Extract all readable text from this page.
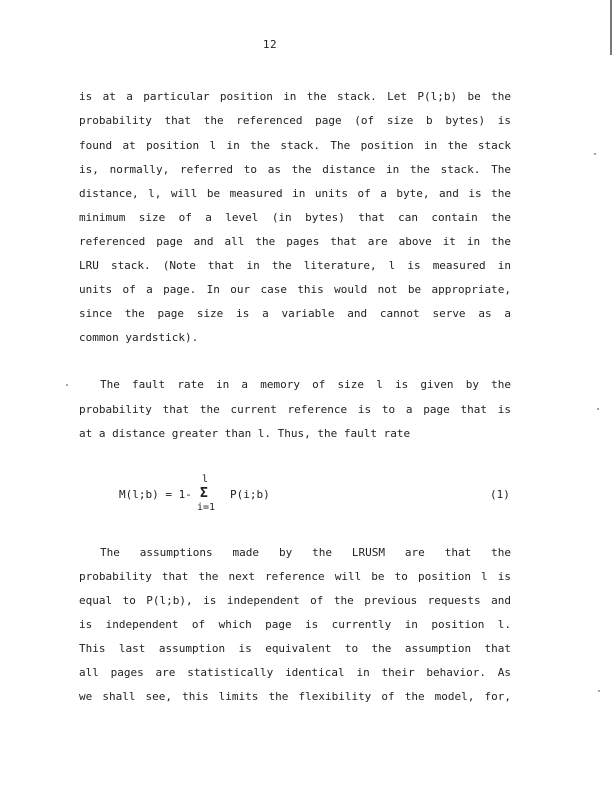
12
is at a particular position in the stack. Let P(l;b) be the
probability that the referenced page (of size b bytes) is
found at position l in the stack. The position in the stack
is, normally, referred to as the distance in the stack. The
distance, l, will be measured in units of a byte, and is the
minimum size of a level (in bytes) that can contain the
referenced page and all the pages that are above it in the
LRU stack. (Note that in the literature, l is measured in
units of a page. In our case this would not be appropriate,
since the page size is a variable and cannot serve as a
common yardstick).
The fault rate in a memory of size l is given by the
probability that the current reference is to a page that is
at a distance greater than l. Thus, the fault rate
M(l;b) = 1- Σ
l
i=1
P(i;b)	(1)
The assumptions made by the LRUSM are that the
probability that the next reference will be to position l is
equal to P(l;b), is independent of the previous requests and
is independent of which page is currently in position l.
This last assumption is equivalent to the assumption that
all pages are statistically identical in their behavior. As
we shall see, this limits the flexibility of the model, for,
